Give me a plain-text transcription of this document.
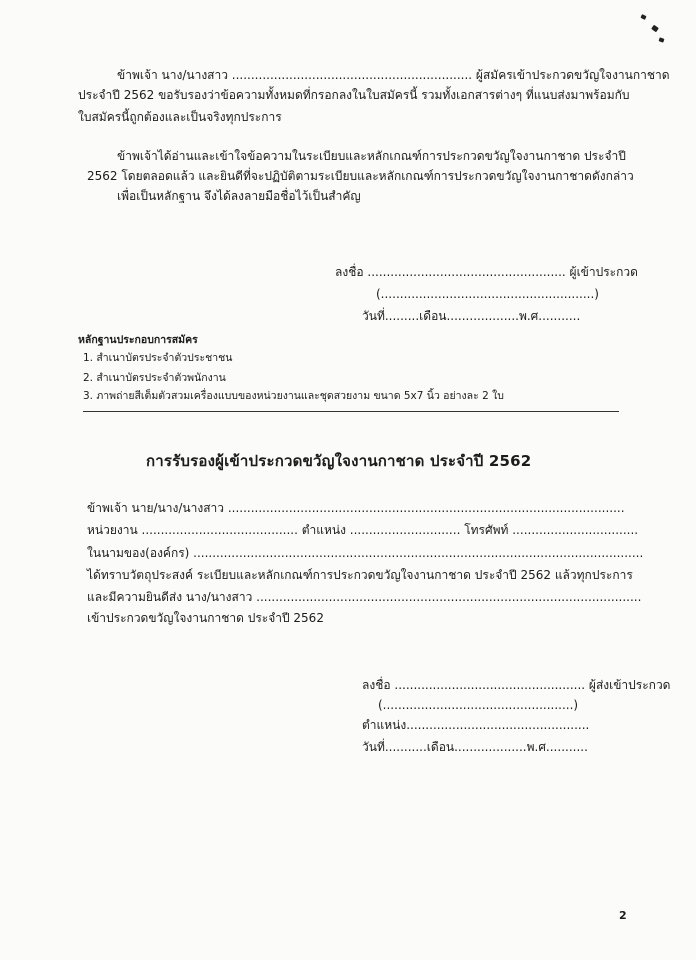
ข้าพเจ้า นาง/นางสาว ............................................................... ผู้สมัครเข้าประกวดขวัญใจงานกาชาด
ประจำปี 2562 ขอรับรองว่าข้อความทั้งหมดที่กรอกลงในใบสมัครนี้ รวมทั้งเอกสารต่างๆ ที่แนบส่งมาพร้อมกับ
ใบสมัครนี้ถูกต้องและเป็นจริงทุกประการ
ข้าพเจ้าได้อ่านและเข้าใจข้อความในระเบียบและหลักเกณฑ์การประกวดขวัญใจงานกาชาด ประจำปี
2562 โดยตลอดแล้ว และยินดีที่จะปฏิบัติตามระเบียบและหลักเกณฑ์การประกวดขวัญใจงานกาชาดดังกล่าว
เพื่อเป็นหลักฐาน จึงได้ลงลายมือชื่อไว้เป็นสำคัญ
ลงชื่อ .................................................... ผู้เข้าประกวด
(........................................................)
วันที่.........เดือน...................พ.ศ...........
หลักฐานประกอบการสมัคร
1. สำเนาบัตรประจำตัวประชาชน
2. สำเนาบัตรประจำตัวพนักงาน
3. ภาพถ่ายสีเต็มตัวสวมเครื่องแบบของหน่วยงานและชุดสวยงาม ขนาด 5x7 นิ้ว อย่างละ 2 ใบ
การรับรองผู้เข้าประกวดขวัญใจงานกาชาด ประจำปี 2562
ข้าพเจ้า นาย/นาง/นางสาว ........................................................................................................
หน่วยงาน ......................................... ตำแหน่ง ............................. โทรศัพท์ .................................
ในนามของ(องค์กร) ......................................................................................................................
ได้ทราบวัตถุประสงค์ ระเบียบและหลักเกณฑ์การประกวดขวัญใจงานกาชาด ประจำปี 2562 แล้วทุกประการ
และมีความยินดีส่ง นาง/นางสาว .....................................................................................................
เข้าประกวดขวัญใจงานกาชาด ประจำปี 2562
ลงชื่อ .................................................. ผู้ส่งเข้าประกวด
(..................................................)
ตำแหน่ง................................................
วันที่...........เดือน...................พ.ศ...........
2
